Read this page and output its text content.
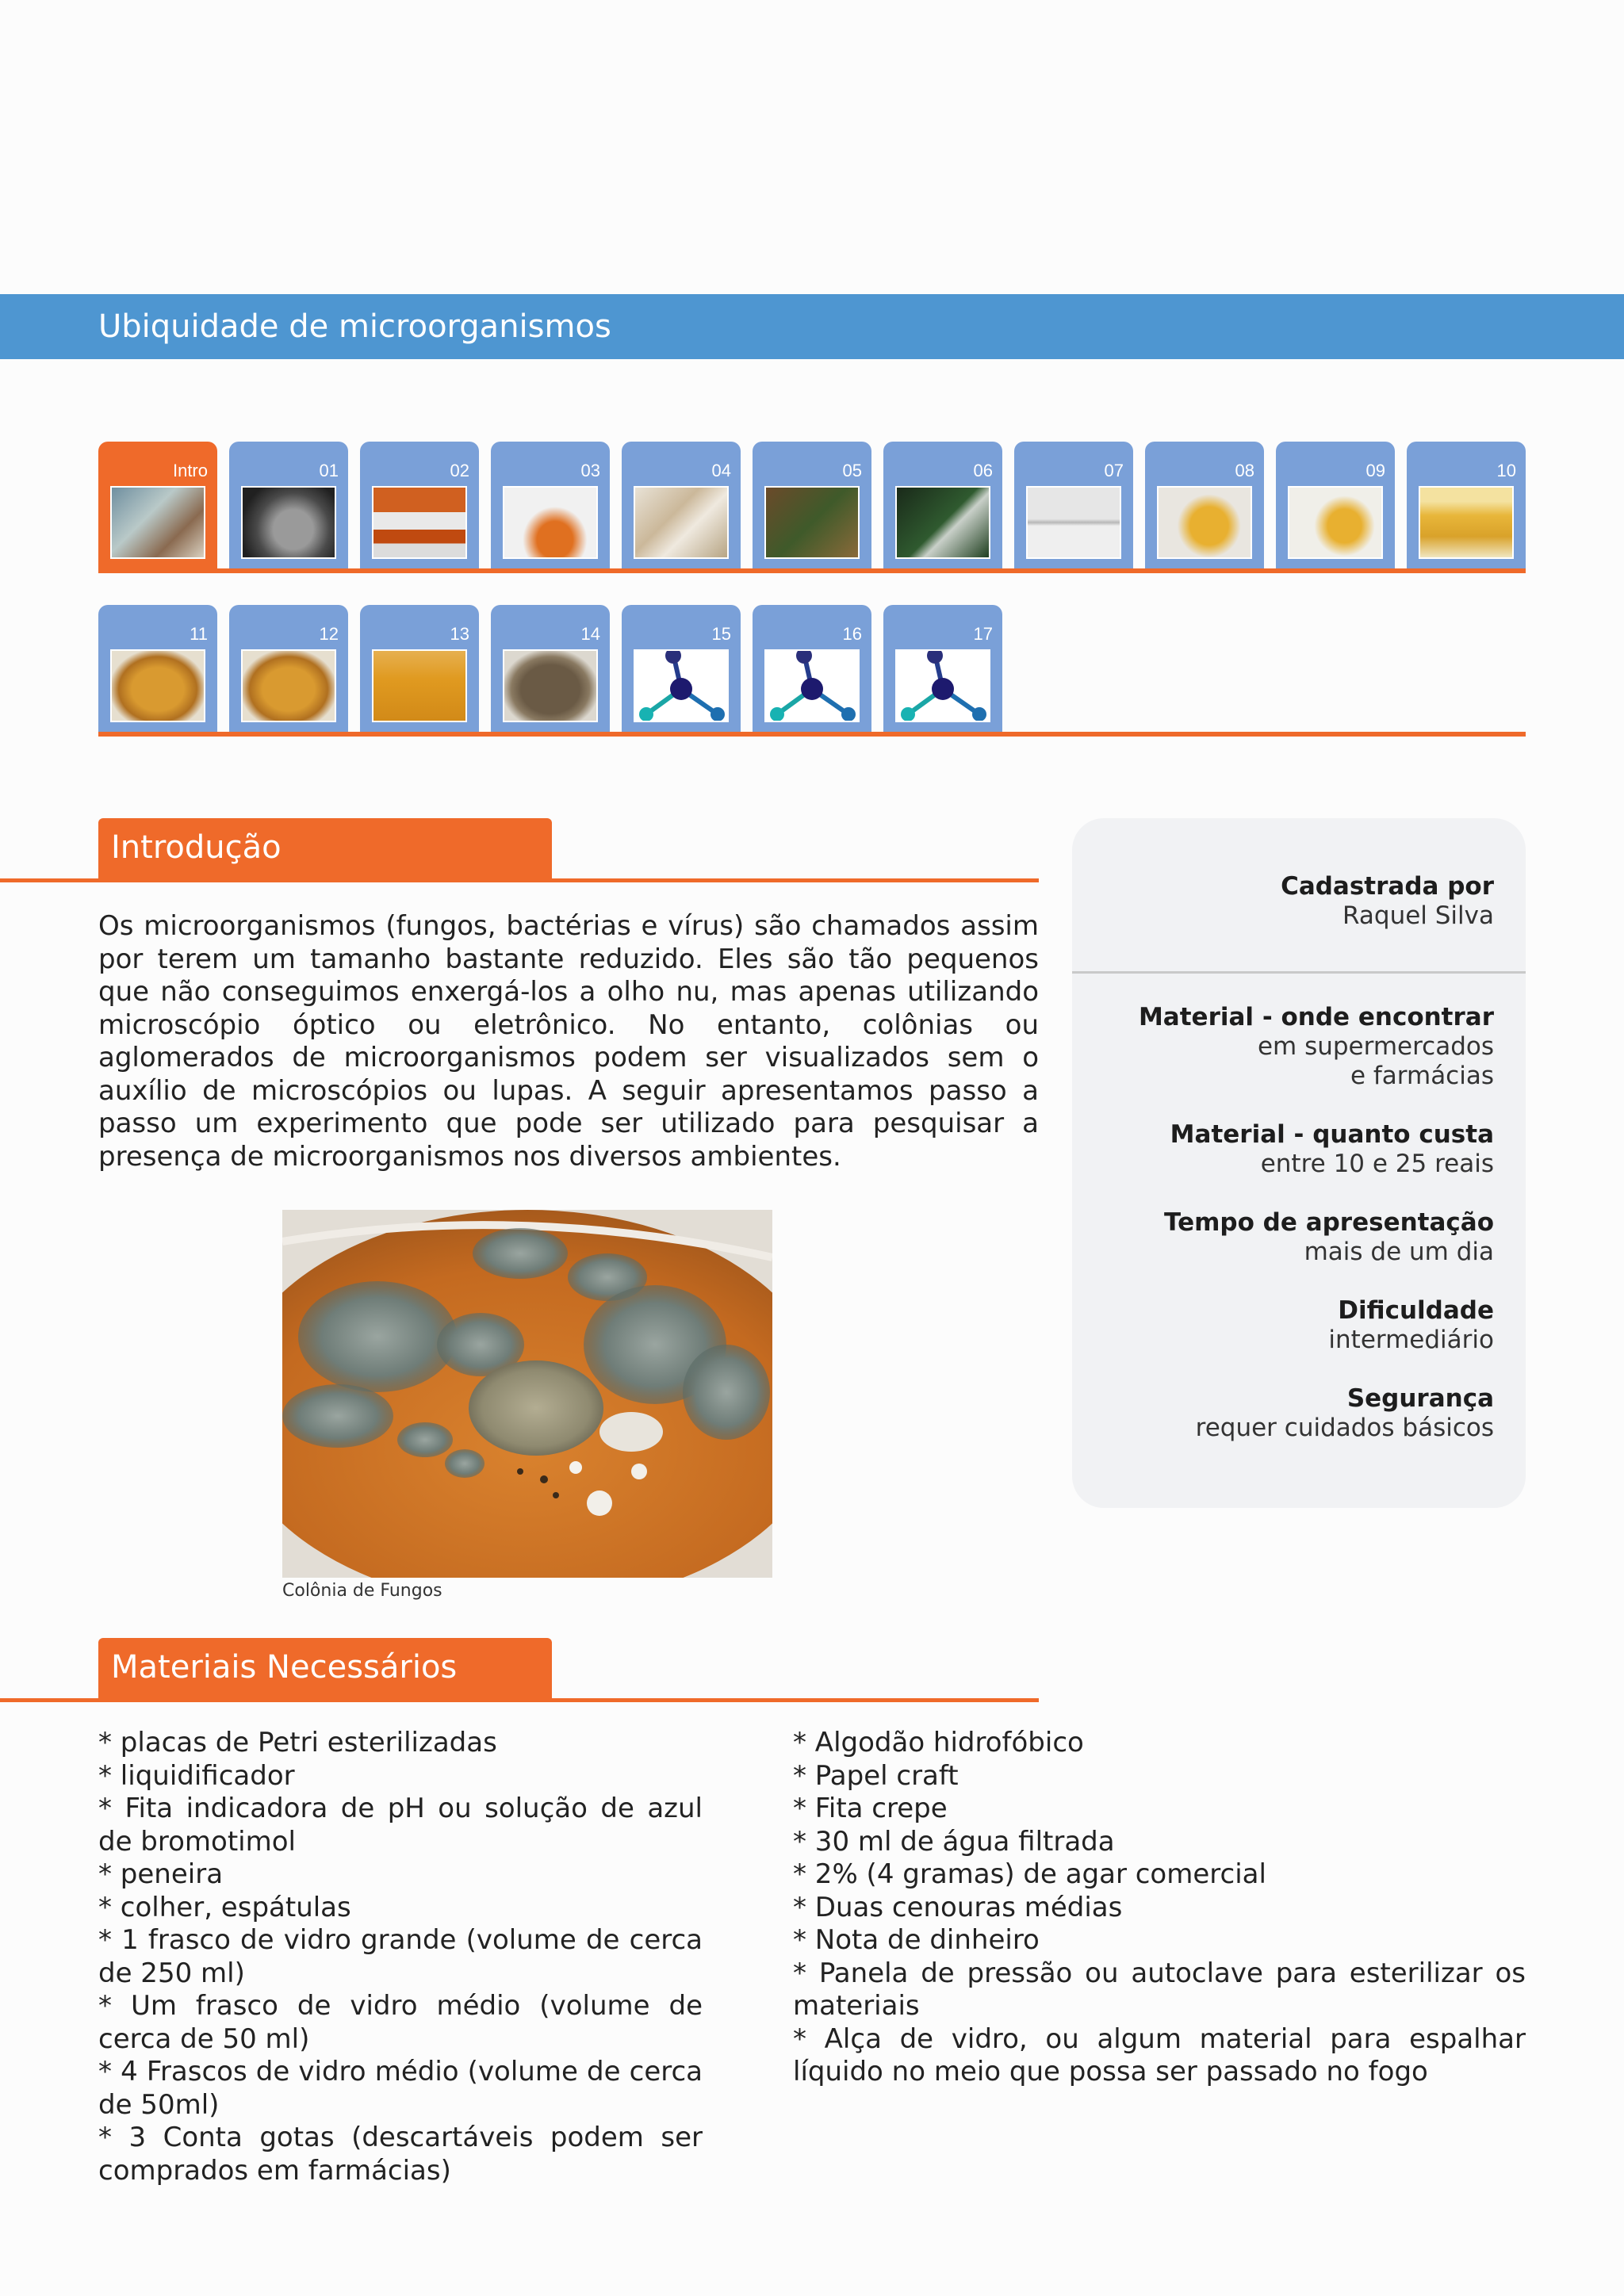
Ubiquidade de microorganismos
Intro	01	02	03	04	05	06	07	08	09	10
11	12	13	14	15	16	17
Introdução

Os microorganismos (fungos, bactérias e vírus) são chamados assim por terem um tamanho bastante reduzido. Eles são tão pequenos que não conseguimos enxergá-los a olho nu, mas apenas utilizando microscópio óptico ou eletrônico. No entanto, colônias ou aglomerados de microorganismos podem ser visualizados sem o auxílio de microscópios ou lupas. A seguir apresentamos passo a passo um experimento que pode ser utilizado para pesquisar a presença de microorganismos nos diversos ambientes.

Cadastrada por
Raquel Silva
Material - onde encontrar
em supermercados
e farmácias
Material - quanto custa
entre 10 e 25 reais
Tempo de apresentação
mais de um dia
Dificuldade
intermediário
Segurança
requer cuidados básicos
Colônia de Fungos
Materiais Necessários
* placas de Petri esterilizadas
* liquidificador
* Fita indicadora de pH ou solução de azul de bromotimol
* peneira
* colher, espátulas
* 1 frasco de vidro grande (volume de cerca de 250 ml)
* Um frasco de vidro médio (volume de cerca de 50 ml)
* 4 Frascos de vidro médio (volume de cerca de 50ml)
* 3 Conta gotas (descartáveis podem ser comprados em farmácias)
* Algodão hidrofóbico
* Papel craft
* Fita crepe
* 30 ml de água filtrada
* 2% (4 gramas) de agar comercial
* Duas cenouras médias
* Nota de dinheiro
* Panela de pressão ou autoclave para esterilizar os materiais
* Alça de vidro, ou algum material para espalhar líquido no meio que possa ser passado no fogo
